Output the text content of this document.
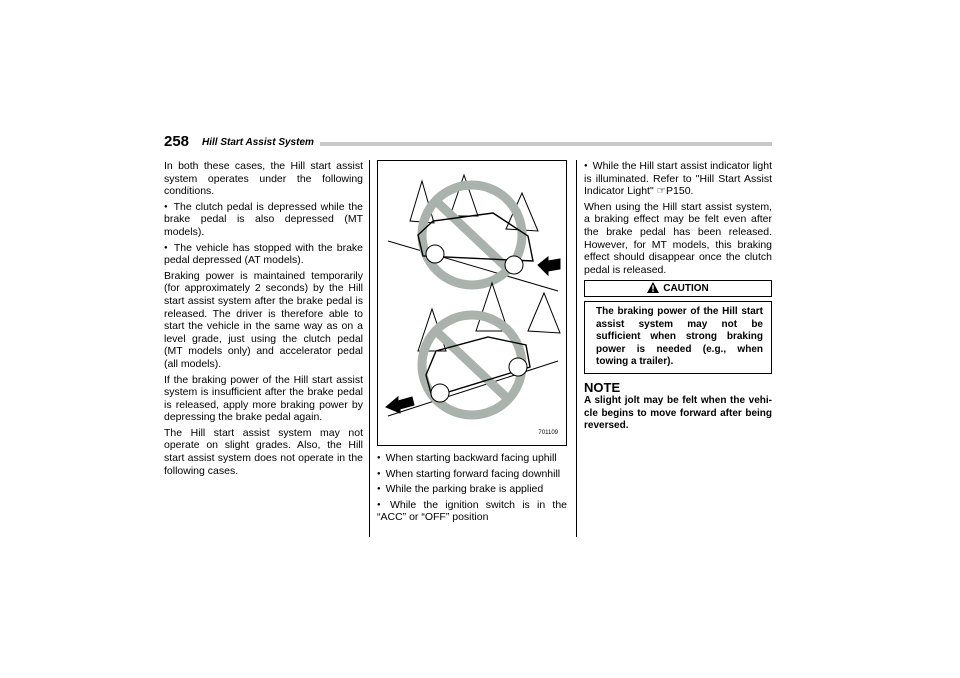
258	Hill Start Assist System

In both these cases, the Hill start assist system operates under the following conditions.

● The clutch pedal is depressed while the brake pedal is also depressed (MT models).

● The vehicle has stopped with the brake pedal depressed (AT models).

Braking power is maintained temporarily (for approximately 2 seconds) by the Hill start assist system after the brake pedal is released. The driver is therefore able to start the vehicle in the same way as on a level grade, just using the clutch pedal (MT models only) and accelerator pedal (all models).

If the braking power of the Hill start assist system is insufficient after the brake pedal is released, apply more braking power by depressing the brake pedal again.

The Hill start assist system may not operate on slight grades. Also, the Hill start assist system does not operate in the following cases.

701109

● When starting backward facing uphill

● When starting forward facing downhill

● While the parking brake is applied

● While the ignition switch is in the “ACC” or “OFF” position

● While the Hill start assist indicator light is illuminated. Refer to "Hill Start Assist Indicator Light" ☞P150.

When using the Hill start assist system, a braking effect may be felt even after the brake pedal has been released. However, for MT models, this braking effect should disappear once the clutch pedal is released.

CAUTION
The braking power of the Hill start assist system may not be sufficient when strong braking power is needed (e.g., when towing a trailer).
NOTE

A slight jolt may be felt when the vehi-cle begins to move forward after being reversed.
